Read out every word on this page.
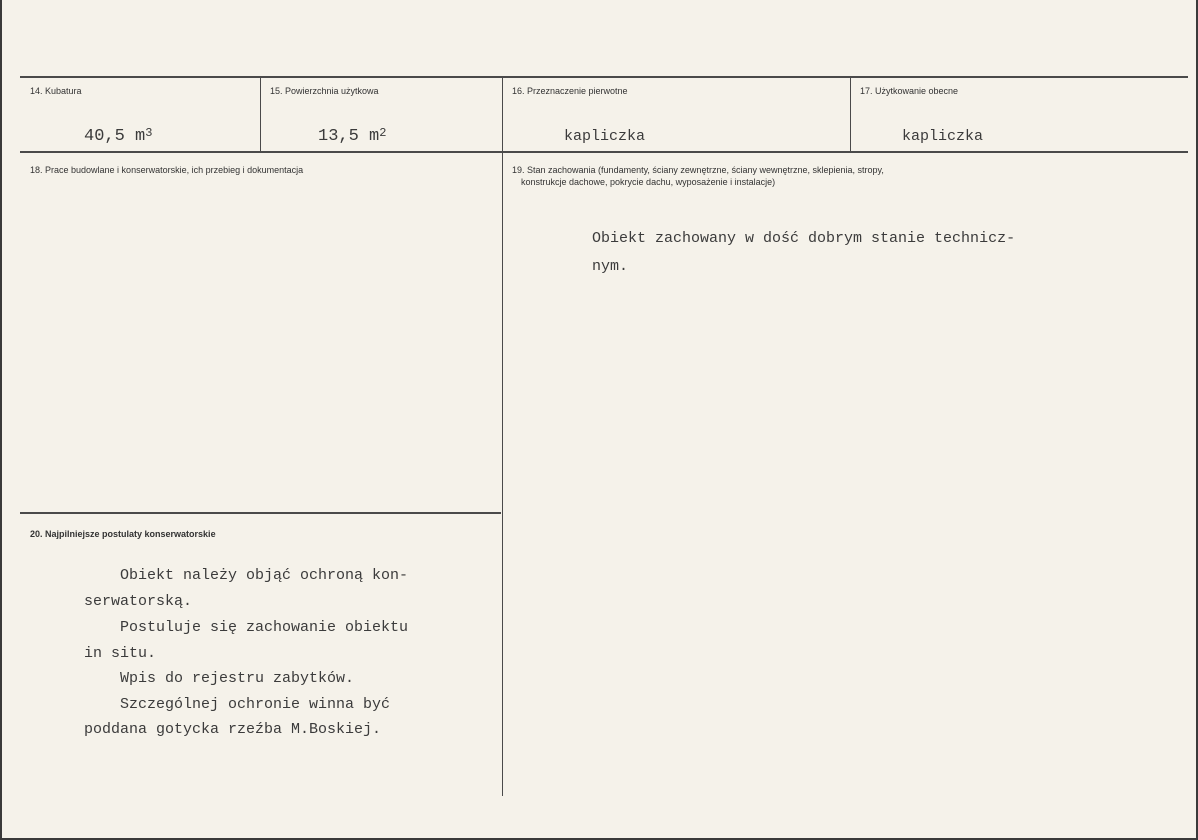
14. Kubatura
40,5 $m^3$
15. Powierzchnia użytkowa
13,5 $m^2$
16. Przeznaczenie pierwotne
kapliczka
17. Użytkowanie obecne
kapliczka
18. Prace budowlane i konserwatorskie, ich przebieg i dokumentacja	19. Stan zachowania (fundamenty, ściany zewnętrzne, ściany wewnętrzne, sklepienia, stropy,
konstrukcje dachowe, pokrycie dachu, wyposażenie i instalacje)
Obiekt zachowany w dość dobrym stanie technicz-
nym.
20. Najpilniejsze postulaty konserwatorskie
Obiekt należy objąć ochroną kon-
serwatorską.
Postuluje się zachowanie obiektu
in situ.
Wpis do rejestru zabytków.
Szczególnej ochronie winna być
poddana gotycka rzeźba M.Boskiej.
